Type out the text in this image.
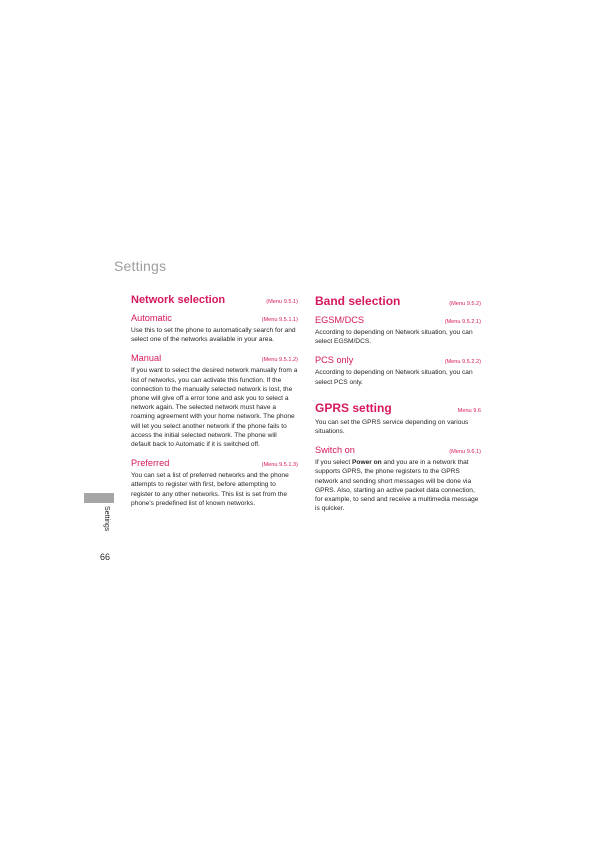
Settings
Network selection	(Menu 9.5.1)
Automatic	(Menu 9.5.1.1)

Use this to set the phone to automatically search for and select one of the networks available in your area.

Manual	(Menu 9.5.1.2)

If you want to select the desired network manually from a list of networks, you can activate this function. If the connection to the manually selected network is lost, the phone will give off a error tone and ask you to select a network again. The selected network must have a roaming agreement with your home network. The phone will let you select another network if the phone fails to access the initial selected network. The phone will default back to Automatic if it is switched off.

Preferred	(Menu 9.5.1.3)

You can set a list of preferred networks and the phone attempts to register with first, before attempting to register to any other networks. This list is set from the phone's predefined list of known networks.

Band selection	(Menu 9.5.2)
EGSM/DCS	(Menu 9.5.2.1)

According to depending on Network situation, you can select EGSM/DCS.

PCS only	(Menu 9.5.2.2)

According to depending on Network situation, you can select PCS only.

GPRS setting	Menu 9.6

You can set the GPRS service depending on various situations.

Switch on	(Menu 9.6.1)

If you select Power on and you are in a network that supports GPRS, the phone registers to the GPRS network and sending short messages will be done via GPRS. Also, starting an active packet data connection, for example, to send and receive a multimedia message is quicker.

Settings
66
